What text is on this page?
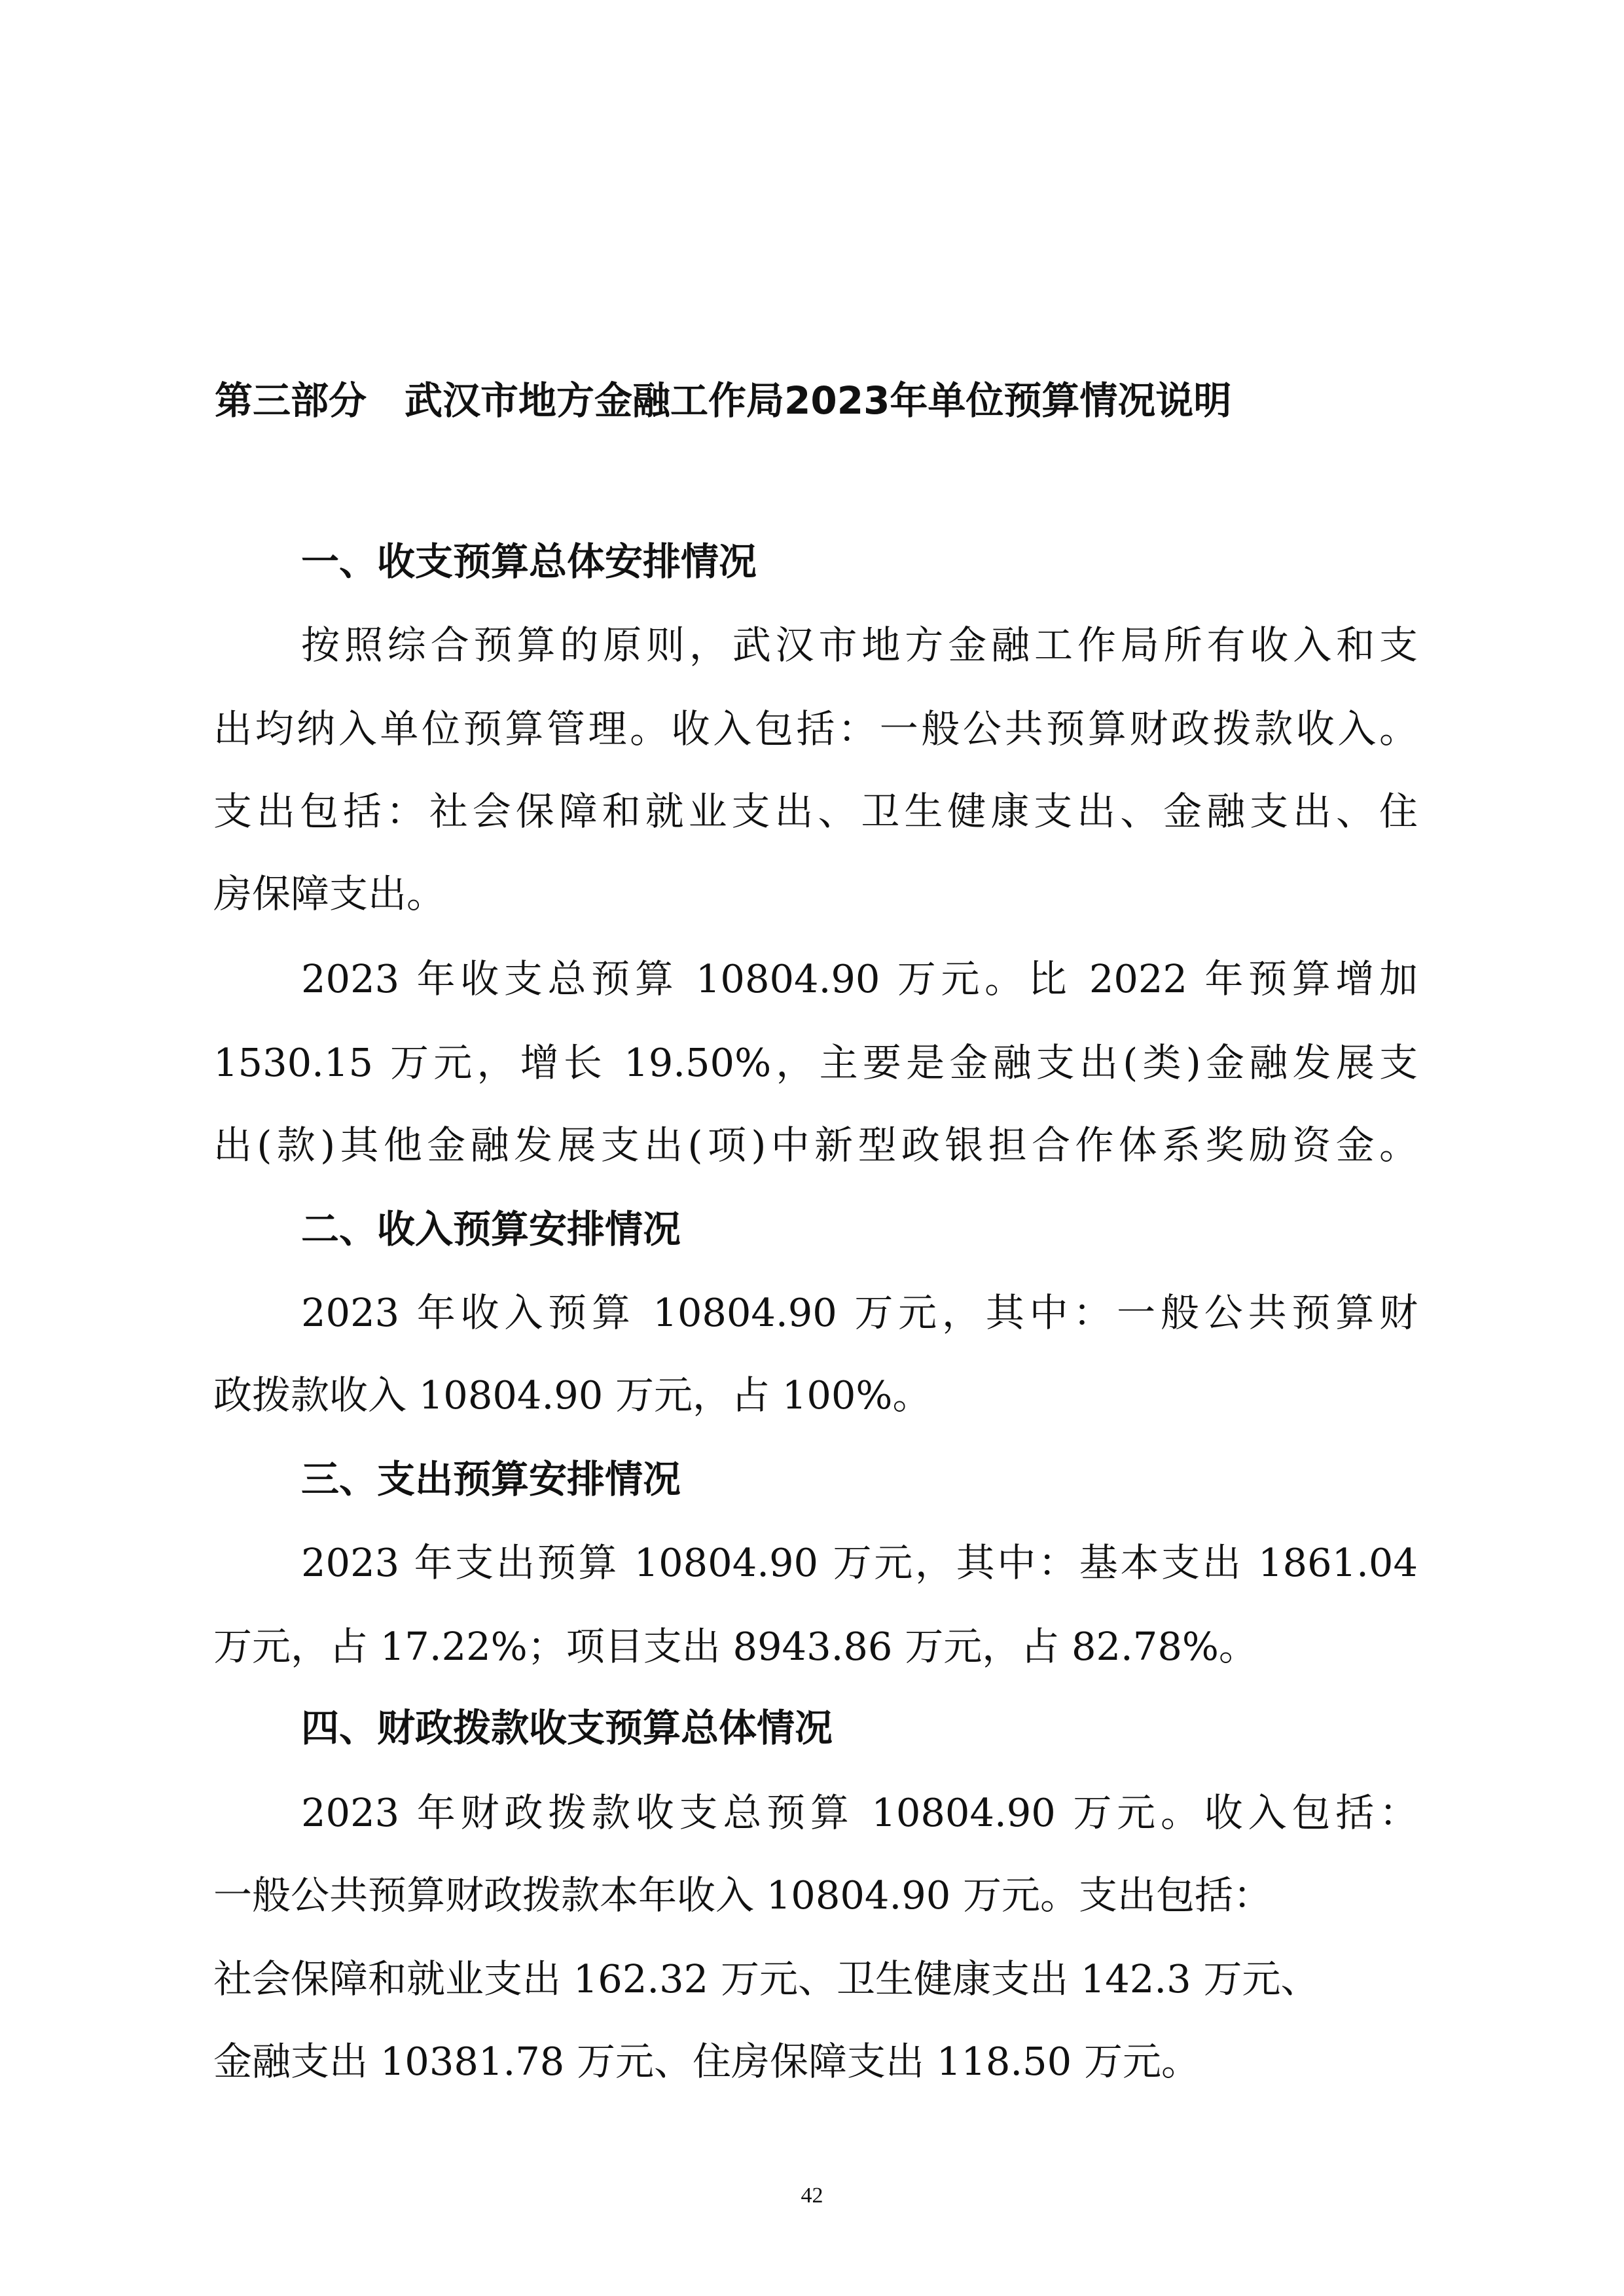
第三部分　武汉市地方金融工作局2023年单位预算情况说明
一、收支预算总体安排情况
按照综合预算的原则，武汉市地方金融工作局所有收入和支
出均纳入单位预算管理。收入包括：一般公共预算财政拨款收入。
支出包括：社会保障和就业支出、卫生健康支出、金融支出、住
房保障支出。
2023 年收支总预算 10804.90 万元。比 2022 年预算增加
1530.15 万元，增长 19.50%，主要是金融支出(类)金融发展支
出(款)其他金融发展支出(项)中新型政银担合作体系奖励资金。
二、收入预算安排情况
2023 年收入预算 10804.90 万元，其中：一般公共预算财
政拨款收入 10804.90 万元，占 100%。
三、支出预算安排情况
2023 年支出预算 10804.90 万元，其中：基本支出 1861.04
万元，占 17.22%；项目支出 8943.86 万元，占 82.78%。
四、财政拨款收支预算总体情况
2023 年财政拨款收支总预算 10804.90 万元。收入包括：
一般公共预算财政拨款本年收入 10804.90 万元。支出包括：
社会保障和就业支出 162.32 万元、卫生健康支出 142.3 万元、
金融支出 10381.78 万元、住房保障支出 118.50 万元。
42
